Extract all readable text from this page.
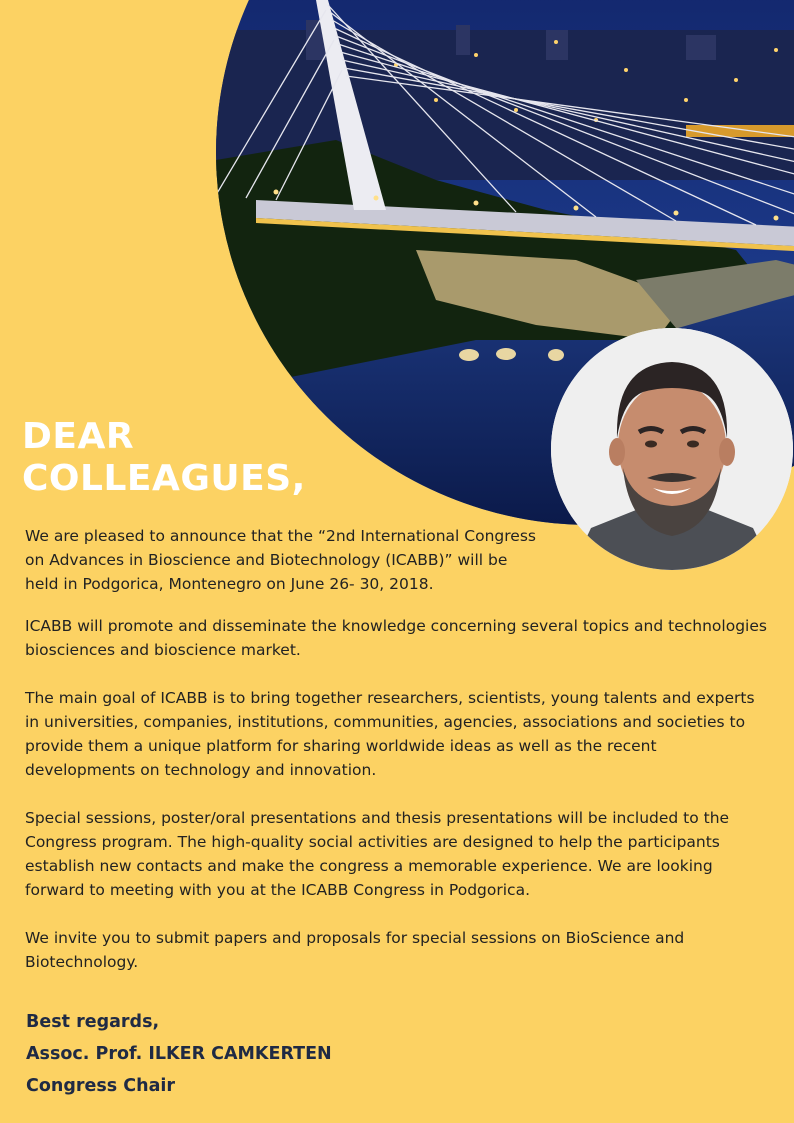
DEAR
COLLEAGUES,

We are pleased to announce that the “2nd International Congress on Advances in Bioscience and Biotechnology (ICABB)” will be held in Podgorica, Montenegro on June 26- 30, 2018.

ICABB will promote and disseminate the knowledge concerning several topics and technologies biosciences and bioscience market.

The main goal of ICABB is to bring together researchers, scientists, young talents and experts in universities, companies, institutions, communities, agencies, associations and societies to provide them a unique platform for sharing worldwide ideas as well as the recent developments on technology and innovation.

Special sessions, poster/oral presentations and thesis presentations will be included to the Congress program. The high-quality social activities are designed to help the participants establish new contacts and make the congress a memorable experience. We are looking forward to meeting with you at the ICABB Congress in Podgorica.

We invite you to submit papers and proposals for special sessions on BioScience and Biotechnology.

Best regards,
Assoc. Prof. ILKER CAMKERTEN
Congress Chair
